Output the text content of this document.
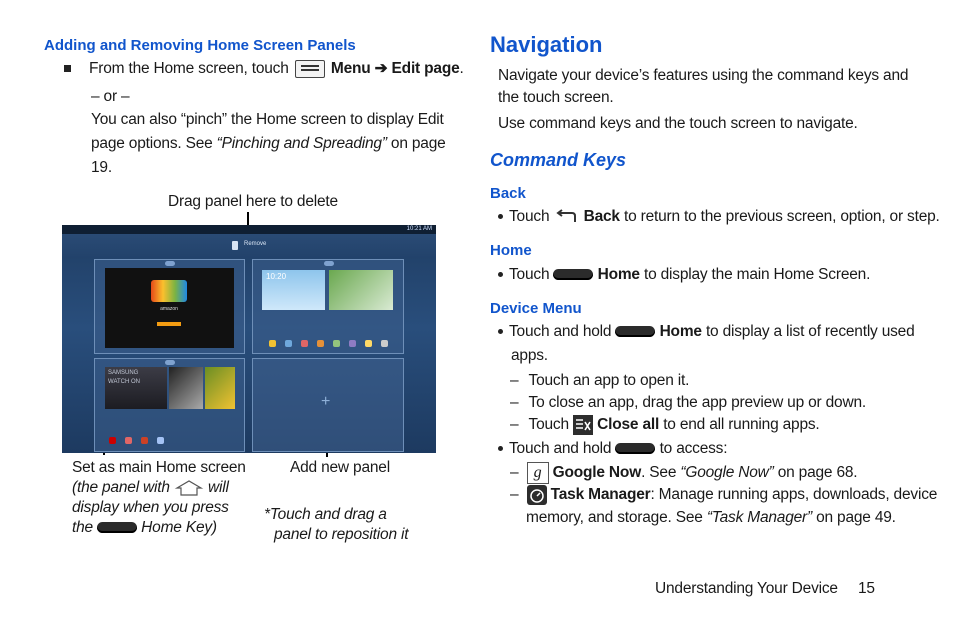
Adding and Removing Home Screen Panels
From the Home screen, touch	Menu ➔ Edit page.
– or –
You can also “pinch” the Home screen to display Edit
page options. See “Pinching and Spreading” on page
19.
Drag panel here to delete
10:21 AM
Remove
amazon
10:20
SAMSUNG
WATCH ON
+
Set as main Home screen
(the panel with will
display when you press
the	Home Key)
Add new panel
*Touch and drag a
panel to reposition it
Navigation
Navigate your device’s features using the command keys and
the touch screen.
Use command keys and the touch screen to navigate.
Command Keys
Back
Touch Back to return to the previous screen, option, or step.
Home
Touch	Home to display the main Home Screen.
Device Menu
Touch and hold	Home to display a list of recently used
apps.
– Touch an app to open it.
– To close an app, drag the app preview up or down.
– Touch Close all to end all running apps.
Touch and hold	to access:
– g Google Now. See “Google Now” on page 68.
– Task Manager: Manage running apps, downloads, device
memory, and storage. See “Task Manager” on page 49.
Understanding Your Device 15
